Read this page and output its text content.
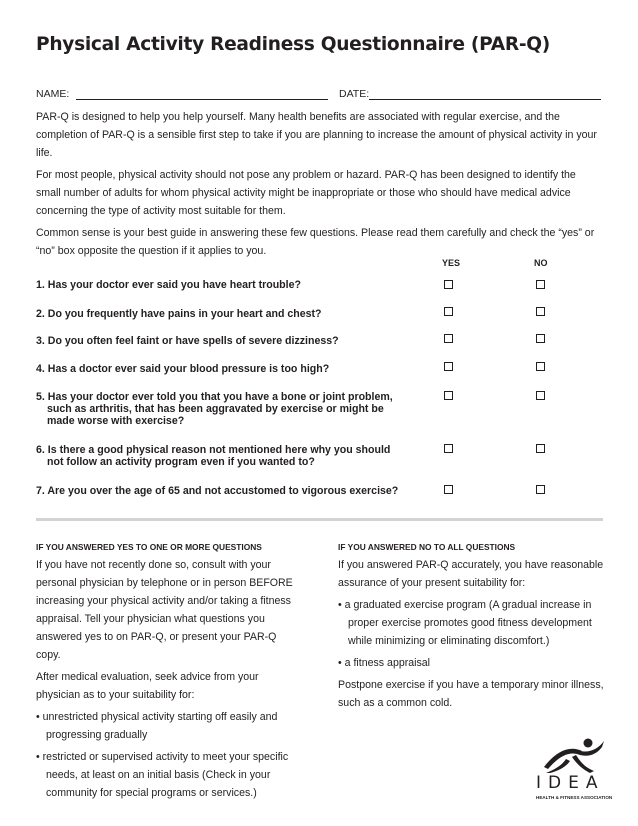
Physical Activity Readiness Questionnaire (PAR-Q)
NAME:	DATE:

PAR-Q is designed to help you help yourself. Many health benefits are associated with regular exercise, and the completion of PAR-Q is a sensible first step to take if you are planning to increase the amount of physical activity in your life.

For most people, physical activity should not pose any problem or hazard. PAR-Q has been designed to identify the small number of adults for whom physical activity might be inappropriate or those who should have medical advice concerning the type of activity most suitable for them.

Common sense is your best guide in answering these few questions. Please read them carefully and check the “yes” or “no” box opposite the question if it applies to you.

YES	NO
1. Has your doctor ever said you have heart trouble?
2. Do you frequently have pains in your heart and chest?
3. Do you often feel faint or have spells of severe dizziness?
4. Has a doctor ever said your blood pressure is too high?
5. Has your doctor ever told you that you have a bone or joint problem, such as arthritis, that has been aggravated by exercise or might be made worse with exercise?
6. Is there a good physical reason not mentioned here why you should not follow an activity program even if you wanted to?
7. Are you over the age of 65 and not accustomed to vigorous exercise?
IF YOU ANSWERED YES TO ONE OR MORE QUESTIONS

If you have not recently done so, consult with your personal physician by telephone or in person BEFORE increasing your physical activity and/or taking a fitness appraisal. Tell your physician what questions you answered yes to on PAR-Q, or present your PAR-Q copy.

After medical evaluation, seek advice from your physician as to your suitability for:

• unrestricted physical activity starting off easily and progressing gradually

• restricted or supervised activity to meet your specific needs, at least on an initial basis (Check in your community for special programs or services.)

IF YOU ANSWERED NO TO ALL QUESTIONS

If you answered PAR-Q accurately, you have reasonable assurance of your present suitability for:

• a graduated exercise program (A gradual increase in proper exercise promotes good fitness development while minimizing or eliminating discomfort.)

• a fitness appraisal

Postpone exercise if you have a temporary minor illness, such as a common cold.

IDEA
HEALTH & FITNESS ASSOCIATION
